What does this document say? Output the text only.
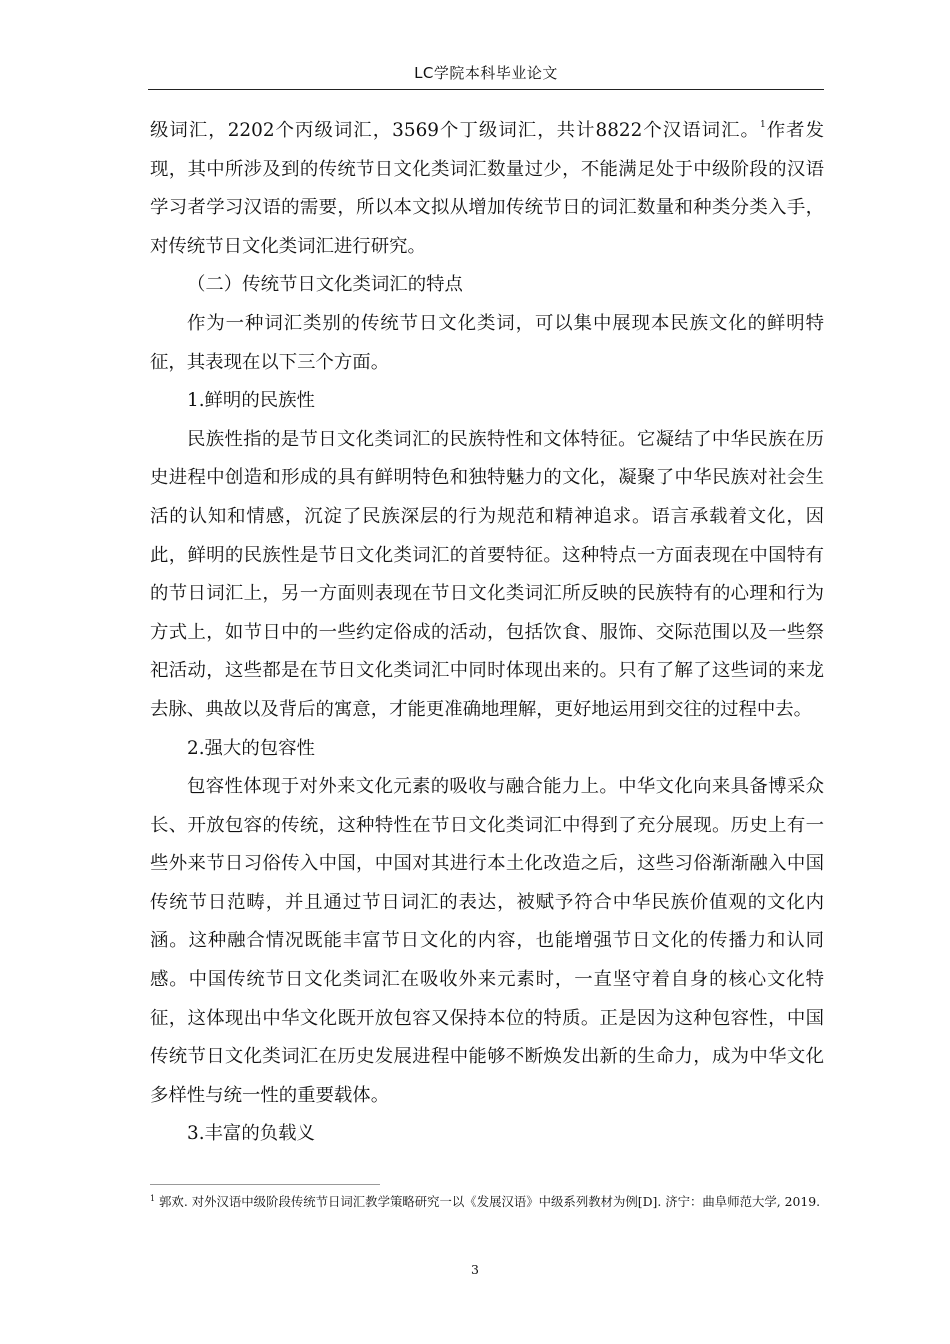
LC学院本科毕业论文

级词汇，2202个丙级词汇，3569个丁级词汇，共计8822个汉语词汇。$^1$作者发现，其中所涉及到的传统节日文化类词汇数量过少，不能满足处于中级阶段的汉语学习者学习汉语的需要，所以本文拟从增加传统节日的词汇数量和种类分类入手，对传统节日文化类词汇进行研究。

（二）传统节日文化类词汇的特点

作为一种词汇类别的传统节日文化类词，可以集中展现本民族文化的鲜明特征，其表现在以下三个方面。

1.鲜明的民族性

民族性指的是节日文化类词汇的民族特性和文体特征。它凝结了中华民族在历史进程中创造和形成的具有鲜明特色和独特魅力的文化，凝聚了中华民族对社会生活的认知和情感，沉淀了民族深层的行为规范和精神追求。语言承载着文化，因此，鲜明的民族性是节日文化类词汇的首要特征。这种特点一方面表现在中国特有的节日词汇上，另一方面则表现在节日文化类词汇所反映的民族特有的心理和行为方式上，如节日中的一些约定俗成的活动，包括饮食、服饰、交际范围以及一些祭祀活动，这些都是在节日文化类词汇中同时体现出来的。只有了解了这些词的来龙去脉、典故以及背后的寓意，才能更准确地理解，更好地运用到交往的过程中去。

2.强大的包容性

包容性体现于对外来文化元素的吸收与融合能力上。中华文化向来具备博采众长、开放包容的传统，这种特性在节日文化类词汇中得到了充分展现。历史上有一些外来节日习俗传入中国，中国对其进行本土化改造之后，这些习俗渐渐融入中国传统节日范畴，并且通过节日词汇的表达，被赋予符合中华民族价值观的文化内涵。这种融合情况既能丰富节日文化的内容，也能增强节日文化的传播力和认同感。中国传统节日文化类词汇在吸收外来元素时，一直坚守着自身的核心文化特征，这体现出中华文化既开放包容又保持本位的特质。正是因为这种包容性，中国传统节日文化类词汇在历史发展进程中能够不断焕发出新的生命力，成为中华文化多样性与统一性的重要载体。

3.丰富的负载义

$^1$ 郭欢. 对外汉语中级阶段传统节日词汇教学策略研究一以《发展汉语》中级系列教材为例[D]. 济宁：曲阜师范大学, 2019.
3
